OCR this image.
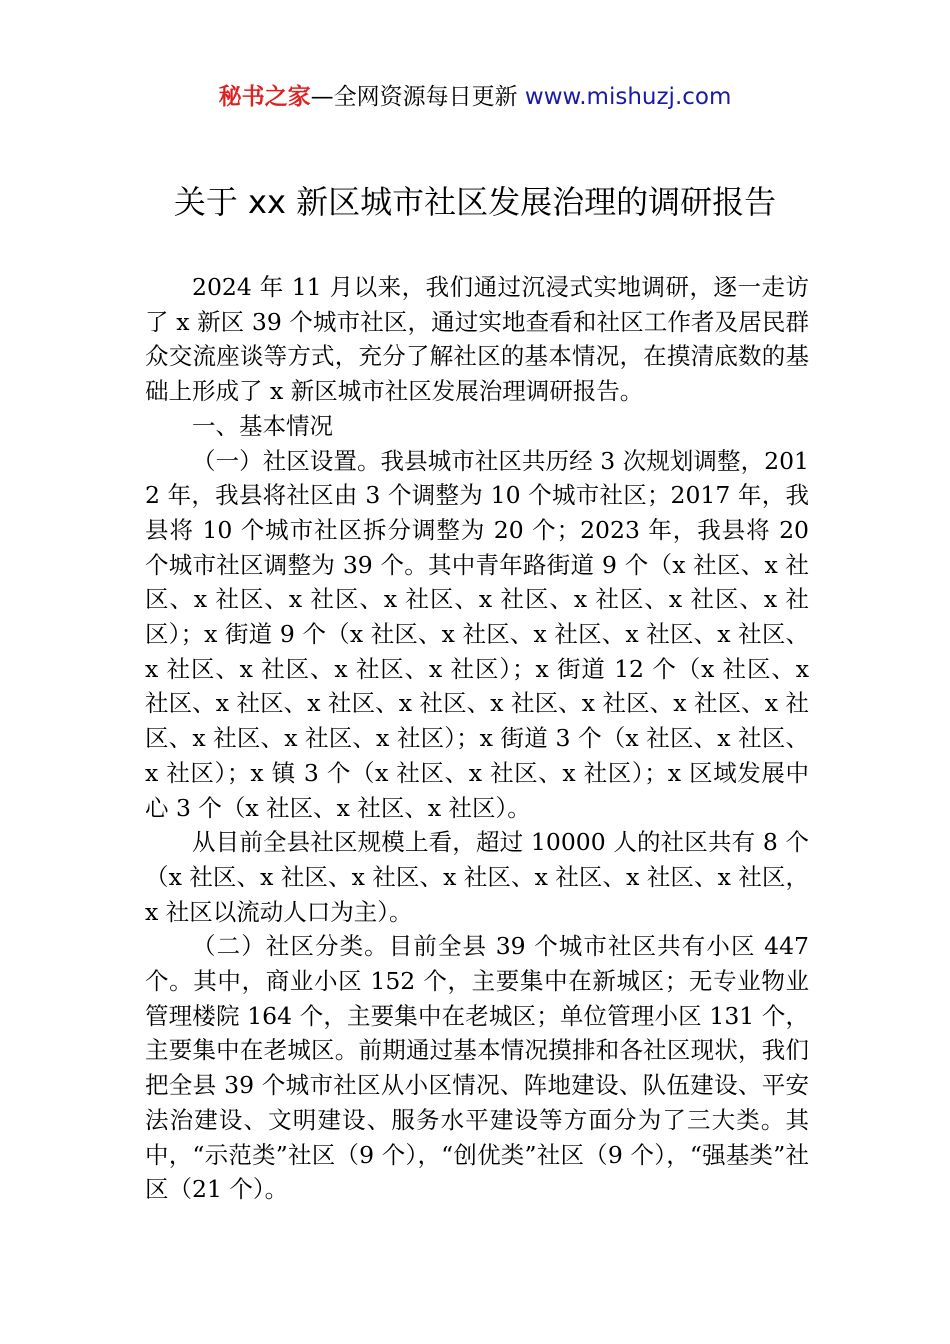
秘书之家—全网资源每日更新 www.mishuzj.com
关于 xx 新区城市社区发展治理的调研报告

2024 年 11 月以来，我们通过沉浸式实地调研，逐一走访了 x 新区 39 个城市社区，通过实地查看和社区工作者及居民群众交流座谈等方式，充分了解社区的基本情况，在摸清底数的基础上形成了 x 新区城市社区发展治理调研报告。

一、基本情况

（一）社区设置。我县城市社区共历经 3 次规划调整，2012 年，我县将社区由 3 个调整为 10 个城市社区；2017 年，我县将 10 个城市社区拆分调整为 20 个；2023 年，我县将 20 个城市社区调整为 39 个。其中青年路街道 9 个（x 社区、x 社区、x 社区、x 社区、x 社区、x 社区、x 社区、x 社区、x 社区）；x 街道 9 个（x 社区、x 社区、x 社区、x 社区、x 社区、x 社区、x 社区、x 社区、x 社区）；x 街道 12 个（x 社区、x 社区、x 社区、x 社区、x 社区、x 社区、x 社区、x 社区、x 社区、x 社区、x 社区、x 社区）；x 街道 3 个（x 社区、x 社区、x 社区）；x 镇 3 个（x 社区、x 社区、x 社区）；x 区域发展中心 3 个（x 社区、x 社区、x 社区）。

从目前全县社区规模上看，超过 10000 人的社区共有 8 个（x 社区、x 社区、x 社区、x 社区、x 社区、x 社区、x 社区，x 社区以流动人口为主）。

（二）社区分类。目前全县 39 个城市社区共有小区 447 个。其中，商业小区 152 个，主要集中在新城区；无专业物业管理楼院 164 个，主要集中在老城区；单位管理小区 131 个，主要集中在老城区。前期通过基本情况摸排和各社区现状，我们把全县 39 个城市社区从小区情况、阵地建设、队伍建设、平安法治建设、文明建设、服务水平建设等方面分为了三大类。其中，“示范类”社区（9 个），“创优类”社区（9 个），“强基类”社区（21 个）。
